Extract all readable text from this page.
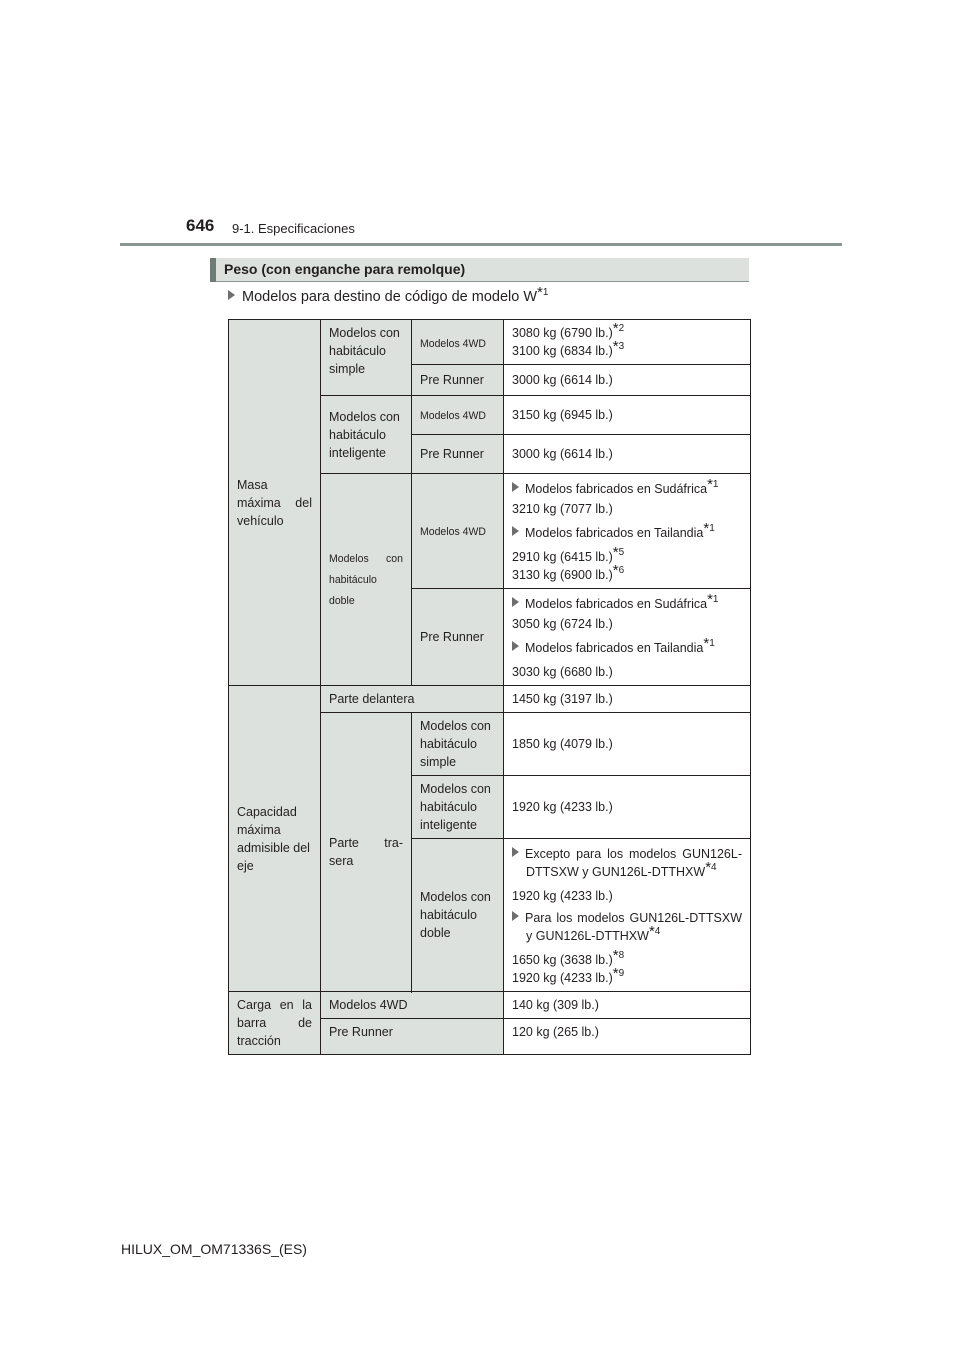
646 9-1. Especificaciones
Peso (con enganche para remolque)
Modelos para destino de código de modelo $W^{*1}$
Masa máxima del vehículo	Modelos con habitáculo simple	Modelos 4WD	3080 kg (6790 lb.)$^{*2}$
3100 kg (6834 lb.)$^{*3}$
		Pre Runner	3000 kg (6614 lb.)
	Modelos con habitáculo inteligente	Modelos 4WD	3150 kg (6945 lb.)
		Pre Runner	3000 kg (6614 lb.)

	Modelos con habitáculo doble	Modelos 4WD	Modelos fabricados en Sudáfrica$^{*1}$
3210 kg (7077 lb.)
Modelos fabricados en Tailandia$^{*1}$
2910 kg (6415 lb.)$^{*5}$
3130 kg (6900 lb.)$^{*6}$

		Pre Runner	Modelos fabricados en Sudáfrica$^{*1}$
3050 kg (6724 lb.)
Modelos fabricados en Tailandia$^{*1}$
3030 kg (6680 lb.)

Capacidad máxima admisible del eje	Parte delantera		1450 kg (3197 lb.)
	Parte tra-sera	Modelos con habitáculo simple	1850 kg (4079 lb.)
		Modelos con habitáculo inteligente	1920 kg (4233 lb.)
		Modelos con habitáculo doble	Excepto para los modelos GUN126L-DTTSXW y GUN126L-DTTHXW$^{*4}$
1920 kg (4233 lb.)
Para los modelos GUN126L-DTTSXW y GUN126L-DTTHXW$^{*4}$
1650 kg (3638 lb.)$^{*8}$
1920 kg (4233 lb.)$^{*9}$

Carga en la barra de tracción	Modelos 4WD		140 kg (309 lb.)
	Pre Runner		120 kg (265 lb.)
HILUX_OM_OM71336S_(ES)
